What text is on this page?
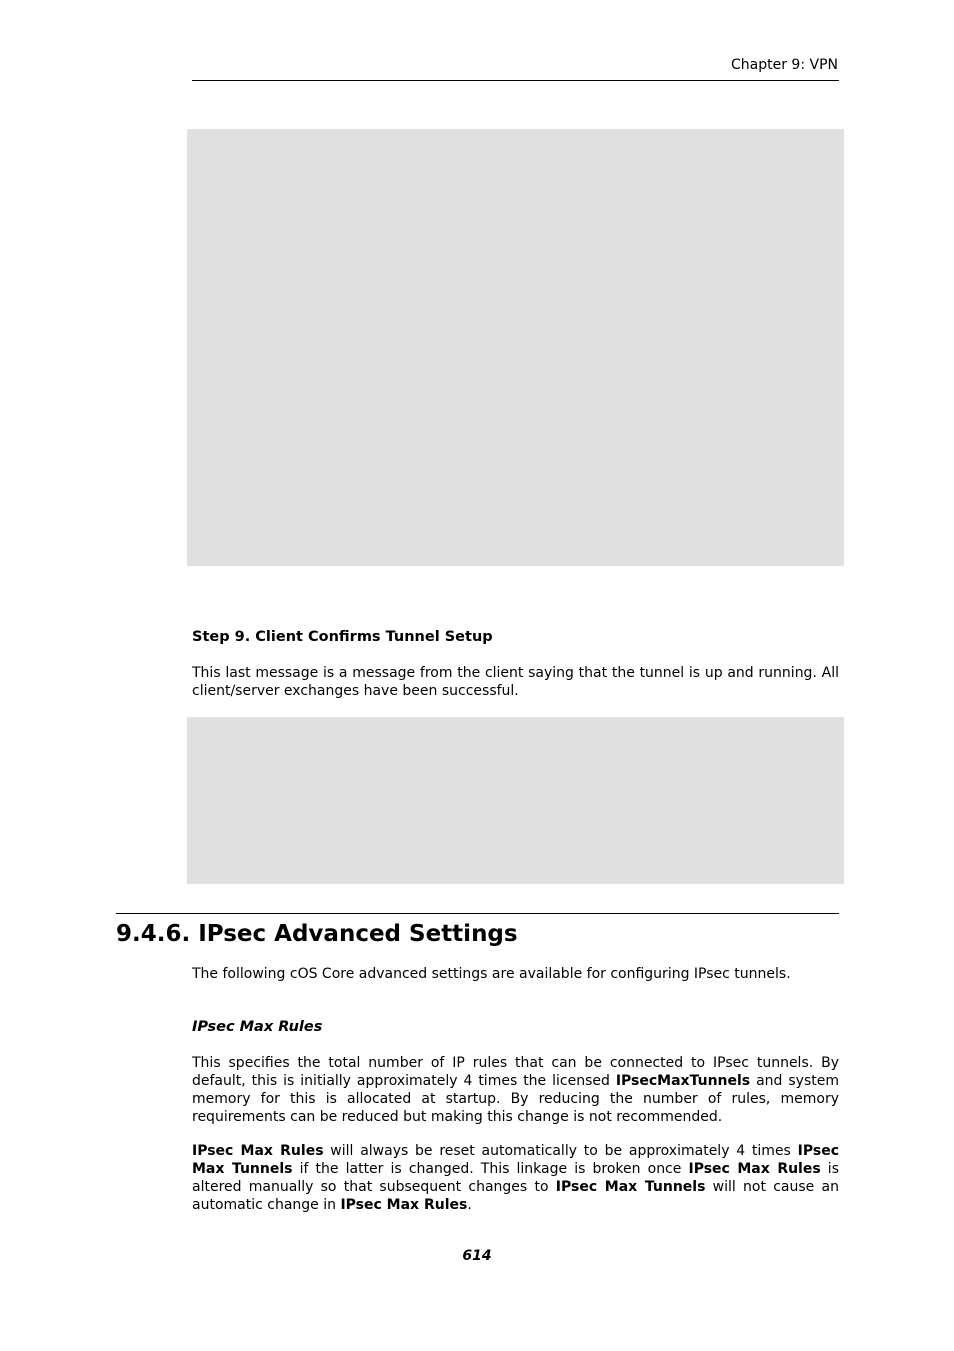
Chapter 9: VPN
Step 9. Client Confirms Tunnel Setup
This last message is a message from the client saying that the tunnel is up and running. All client/server exchanges have been successful.
9.4.6. IPsec Advanced Settings
The following cOS Core advanced settings are available for configuring IPsec tunnels.
IPsec Max Rules
This specifies the total number of IP rules that can be connected to IPsec tunnels. By default, this is initially approximately 4 times the licensed IPsecMaxTunnels and system memory for this is allocated at startup. By reducing the number of rules, memory requirements can be reduced but making this change is not recommended.
IPsec Max Rules will always be reset automatically to be approximately 4 times IPsec Max Tunnels if the latter is changed. This linkage is broken once IPsec Max Rules is altered manually so that subsequent changes to IPsec Max Tunnels will not cause an automatic change in IPsec Max Rules.
614
